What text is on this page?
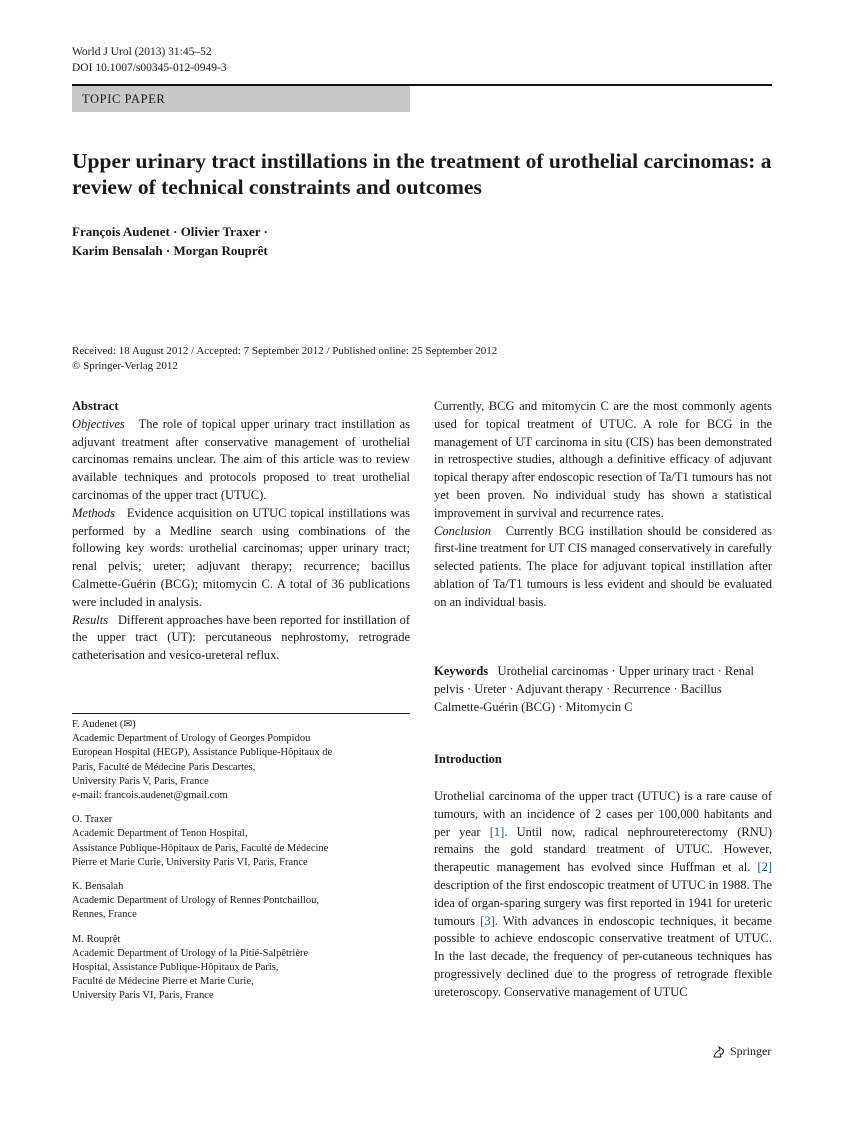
World J Urol (2013) 31:45–52
DOI 10.1007/s00345-012-0949-3
TOPIC PAPER
Upper urinary tract instillations in the treatment of urothelial carcinomas: a review of technical constraints and outcomes
François Audenet · Olivier Traxer ·
Karim Bensalah · Morgan Rouprêt
Received: 18 August 2012 / Accepted: 7 September 2012 / Published online: 25 September 2012
© Springer-Verlag 2012

Abstract

Objectives The role of topical upper urinary tract instillation as adjuvant treatment after conservative management of urothelial carcinomas remains unclear. The aim of this article was to review available techniques and protocols proposed to treat urothelial carcinomas of the upper tract (UTUC).

Methods Evidence acquisition on UTUC topical instillations was performed by a Medline search using combinations of the following key words: urothelial carcinomas; upper urinary tract; renal pelvis; ureter; adjuvant therapy; recurrence; bacillus Calmette-Guérin (BCG); mitomycin C. A total of 36 publications were included in analysis.

Results Different approaches have been reported for instillation of the upper tract (UT): percutaneous nephrostomy, retrograde catheterisation and vesico-ureteral reflux.

F. Audenet (✉)
Academic Department of Urology of Georges Pompidou
European Hospital (HEGP), Assistance Publique-Hôpitaux de
Paris, Faculté de Médecine Paris Descartes,
University Paris V, Paris, France
e-mail: francois.audenet@gmail.com
O. Traxer
Academic Department of Tenon Hospital,
Assistance Publique-Hôpitaux de Paris, Faculté de Médecine
Pierre et Marie Curie, University Paris VI, Paris, France
K. Bensalah
Academic Department of Urology of Rennes Pontchaillou,
Rennes, France
M. Rouprêt
Academic Department of Urology of la Pitié-Salpêtrière
Hospital, Assistance Publique-Hôpitaux de Paris,
Faculté de Médecine Pierre et Marie Curie,
University Paris VI, Paris, France

Currently, BCG and mitomycin C are the most commonly agents used for topical treatment of UTUC. A role for BCG in the management of UT carcinoma in situ (CIS) has been demonstrated in retrospective studies, although a definitive efficacy of adjuvant topical therapy after endoscopic resection of Ta/T1 tumours has not yet been proven. No individual study has shown a statistical improvement in survival and recurrence rates.

Conclusion Currently BCG instillation should be considered as first-line treatment for UT CIS managed conservatively in carefully selected patients. The place for adjuvant topical instillation after ablation of Ta/T1 tumours is less evident and should be evaluated on an individual basis.

Keywords Urothelial carcinomas · Upper urinary tract · Renal pelvis · Ureter · Adjuvant therapy · Recurrence · Bacillus Calmette-Guérin (BCG) · Mitomycin C
Introduction
Urothelial carcinoma of the upper tract (UTUC) is a rare cause of tumours, with an incidence of 2 cases per 100,000 habitants and per year [1]. Until now, radical nephroureterectomy (RNU) remains the gold standard treatment of UTUC. However, therapeutic management has evolved since Huffman et al. [2] description of the first endoscopic treatment of UTUC in 1988. The idea of organ-sparing surgery was first reported in 1941 for ureteric tumours [3]. With advances in endoscopic techniques, it became possible to achieve endoscopic conservative treatment of UTUC. In the last decade, the frequency of per-cutaneous techniques has progressively declined due to the progress of retrograde flexible ureteroscopy. Conservative management of UTUC
Springer
